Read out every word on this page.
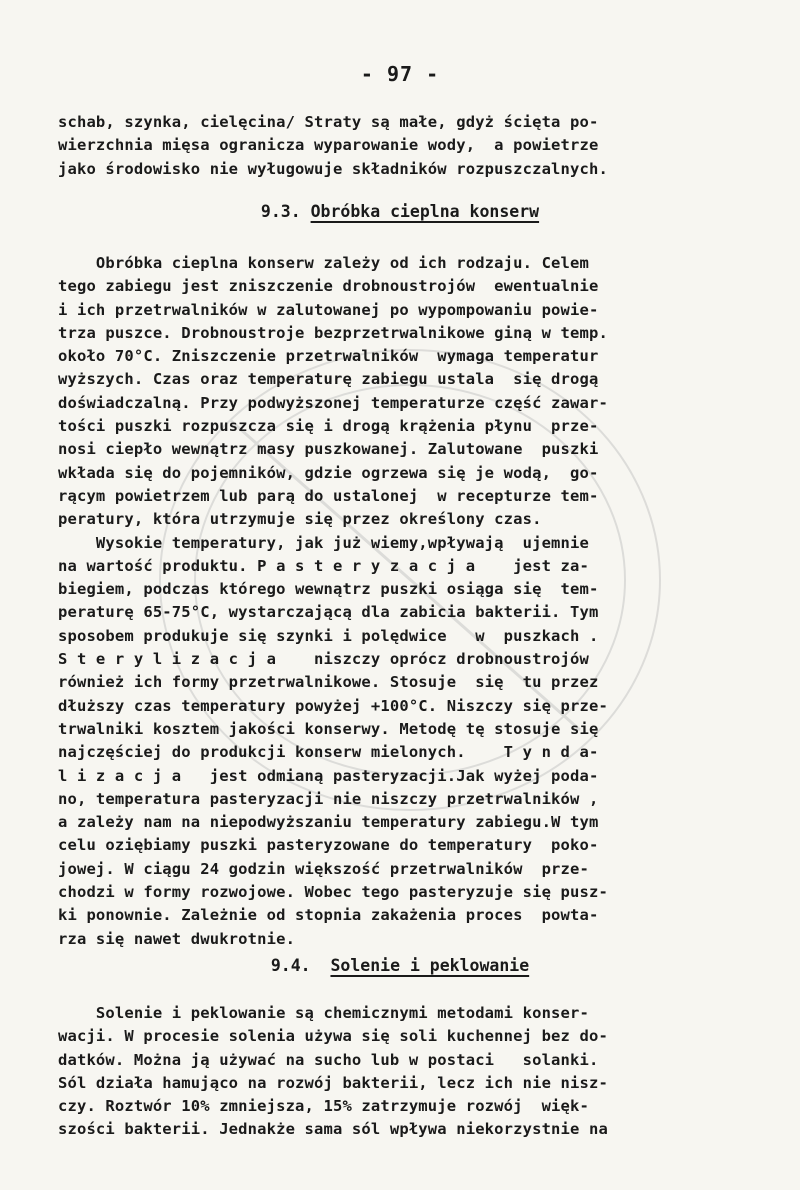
- 97 -
schab, szynka, cielęcina/ Straty są małe, gdyż ścięta po-
wierzchnia mięsa ogranicza wyparowanie wody,  a powietrze
jako środowisko nie wyługowuje składników rozpuszczalnych.
9.3. Obróbka cieplna konserw
Obróbka cieplna konserw zależy od ich rodzaju. Celem
tego zabiegu jest zniszczenie drobnoustrojów  ewentualnie
i ich przetrwalników w zalutowanej po wypompowaniu powie-
trza puszce. Drobnoustroje bezprzetrwalnikowe giną w temp.
około 70°C. Zniszczenie przetrwalników  wymaga temperatur
wyższych. Czas oraz temperaturę zabiegu ustala  się drogą
doświadczalną. Przy podwyższonej temperaturze część zawar-
tości puszki rozpuszcza się i drogą krążenia płynu  prze-
nosi ciepło wewnątrz masy puszkowanej. Zalutowane  puszki
wkłada się do pojemników, gdzie ogrzewa się je wodą,  go-
rącym powietrzem lub parą do ustalonej  w recepturze tem-
peratury, która utrzymuje się przez określony czas.
Wysokie temperatury, jak już wiemy,wpływają  ujemnie
na wartość produktu. P a s t e r y z a c j a    jest za-
biegiem, podczas którego wewnątrz puszki osiąga się  tem-
peraturę 65-75°C, wystarczającą dla zabicia bakterii. Tym
sposobem produkuje się szynki i polędwice   w  puszkach .
S t e r y l i z a c j a    niszczy oprócz drobnoustrojów
również ich formy przetrwalnikowe. Stosuje  się  tu przez
dłuższy czas temperatury powyżej +100°C. Niszczy się prze-
trwalniki kosztem jakości konserwy. Metodę tę stosuje się
najczęściej do produkcji konserw mielonych.    T y n d a-
l i z a c j a   jest odmianą pasteryzacji.Jak wyżej poda-
no, temperatura pasteryzacji nie niszczy przetrwalników ,
a zależy nam na niepodwyższaniu temperatury zabiegu.W tym
celu oziębiamy puszki pasteryzowane do temperatury  poko-
jowej. W ciągu 24 godzin większość przetrwalników  prze-
chodzi w formy rozwojowe. Wobec tego pasteryzuje się pusz-
ki ponownie. Zależnie od stopnia zakażenia proces  powta-
rza się nawet dwukrotnie.
9.4. Solenie i peklowanie
Solenie i peklowanie są chemicznymi metodami konser-
wacji. W procesie solenia używa się soli kuchennej bez do-
datków. Można ją używać na sucho lub w postaci   solanki.
Sól działa hamująco na rozwój bakterii, lecz ich nie nisz-
czy. Roztwór 10% zmniejsza, 15% zatrzymuje rozwój  więk-
szości bakterii. Jednakże sama sól wpływa niekorzystnie na
